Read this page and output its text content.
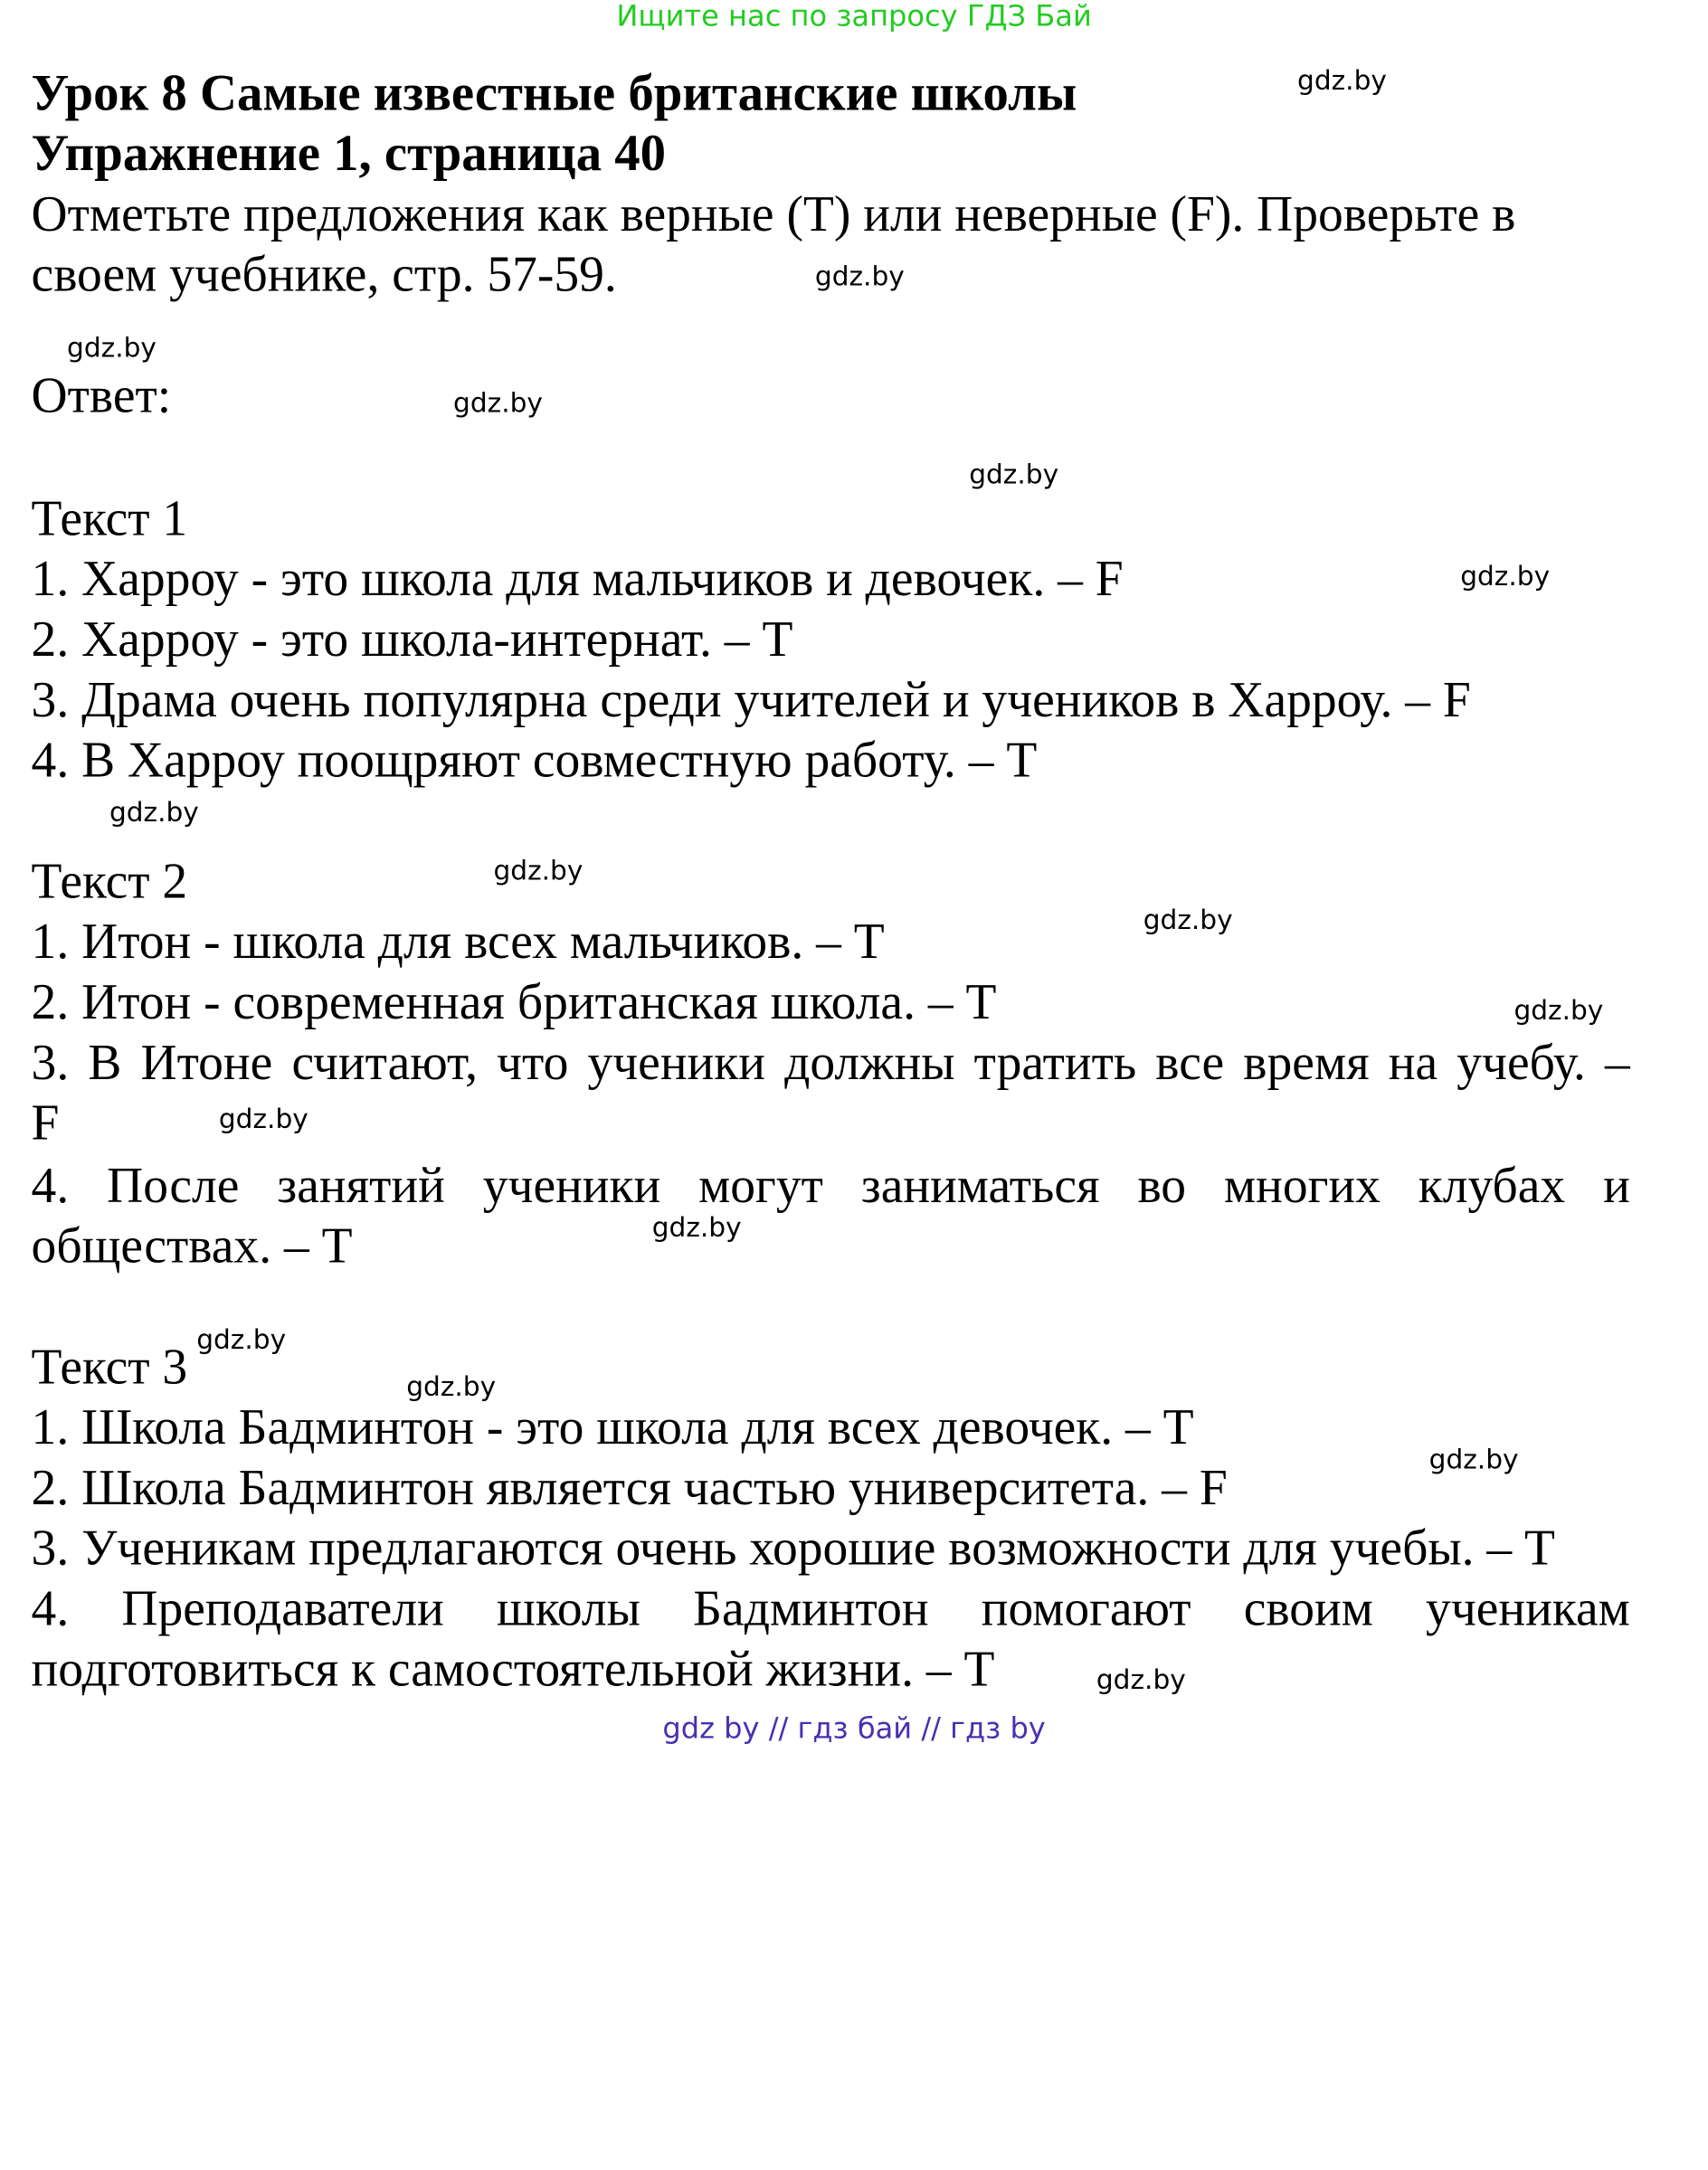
Ищите нас по запросу ГДЗ Бай
Урок 8 Самые известные британские школы
Упражнение 1, страница 40
Отметьте предложения как верные (Т) или неверные (F). Проверьте в
своем учебнике, стр. 57-59.
Ответ:
Текст 1
1. Харроу - это школа для мальчиков и девочек. – F
2. Харроу - это школа-интернат. – T
3. Драма очень популярна среди учителей и учеников в Харроу. – F
4. В Харроу поощряют совместную работу. – T
Текст 2
1. Итон - школа для всех мальчиков. – T
2. Итон - современная британская школа. – T
3. В Итоне считают, что ученики должны тратить все время на учебу. –
F
4. После занятий ученики могут заниматься во многих клубах и
обществах. – T
Текст 3
1. Школа Бадминтон - это школа для всех девочек. – T
2. Школа Бадминтон является частью университета. – F
3. Ученикам предлагаются очень хорошие возможности для учебы. – T
4. Преподаватели школы Бадминтон помогают своим ученикам
подготовиться к самостоятельной жизни. – T
gdz.by
gdz.by
gdz.by
gdz.by
gdz.by
gdz.by
gdz.by
gdz.by
gdz.by
gdz.by
gdz.by
gdz.by
gdz.by
gdz.by
gdz.by
gdz.by
gdz by // гдз бай // гдз by
